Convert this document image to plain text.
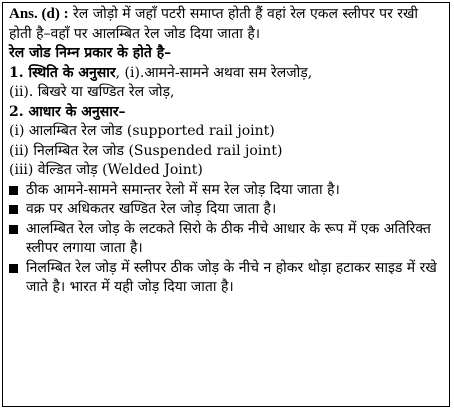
Ans. (d) : रेल जोड़ो में जहाँ पटरी समाप्त होती हैं वहां रेल एकल स्लीपर पर रखी होती है–वहाँ पर आलम्बित रेल जोड दिया जाता है।
रेल जोड निम्न प्रकार के होते है–
1. स्थिति के अनुसार, (i).आमने-सामने अथवा सम रेलजोड़,
(ii). बिखरे या खण्डित रेल जोड़,
2. आधार के अनुसार–
(i) आलम्बित रेल जोड (supported rail joint)
(ii) निलम्बित रेल जोड (Suspended rail joint)
(iii) वेल्डित जोड़ (Welded Joint)
ठीक आमने-सामने समान्तर रेलो में सम रेल जोड़ दिया जाता है।
वक्र पर अधिकतर खण्डित रेल जोड़ दिया जाता है।
आलम्बित रेल जोड़ के लटकते सिरो के ठीक नीचे आधार के रूप में एक अतिरिक्त स्लीपर लगाया जाता है।
निलम्बित रेल जोड़ में स्लीपर ठीक जोड़ के नीचे न होकर थोड़ा हटाकर साइड में रखे जाते है। भारत में यही जोड़ दिया जाता है।
